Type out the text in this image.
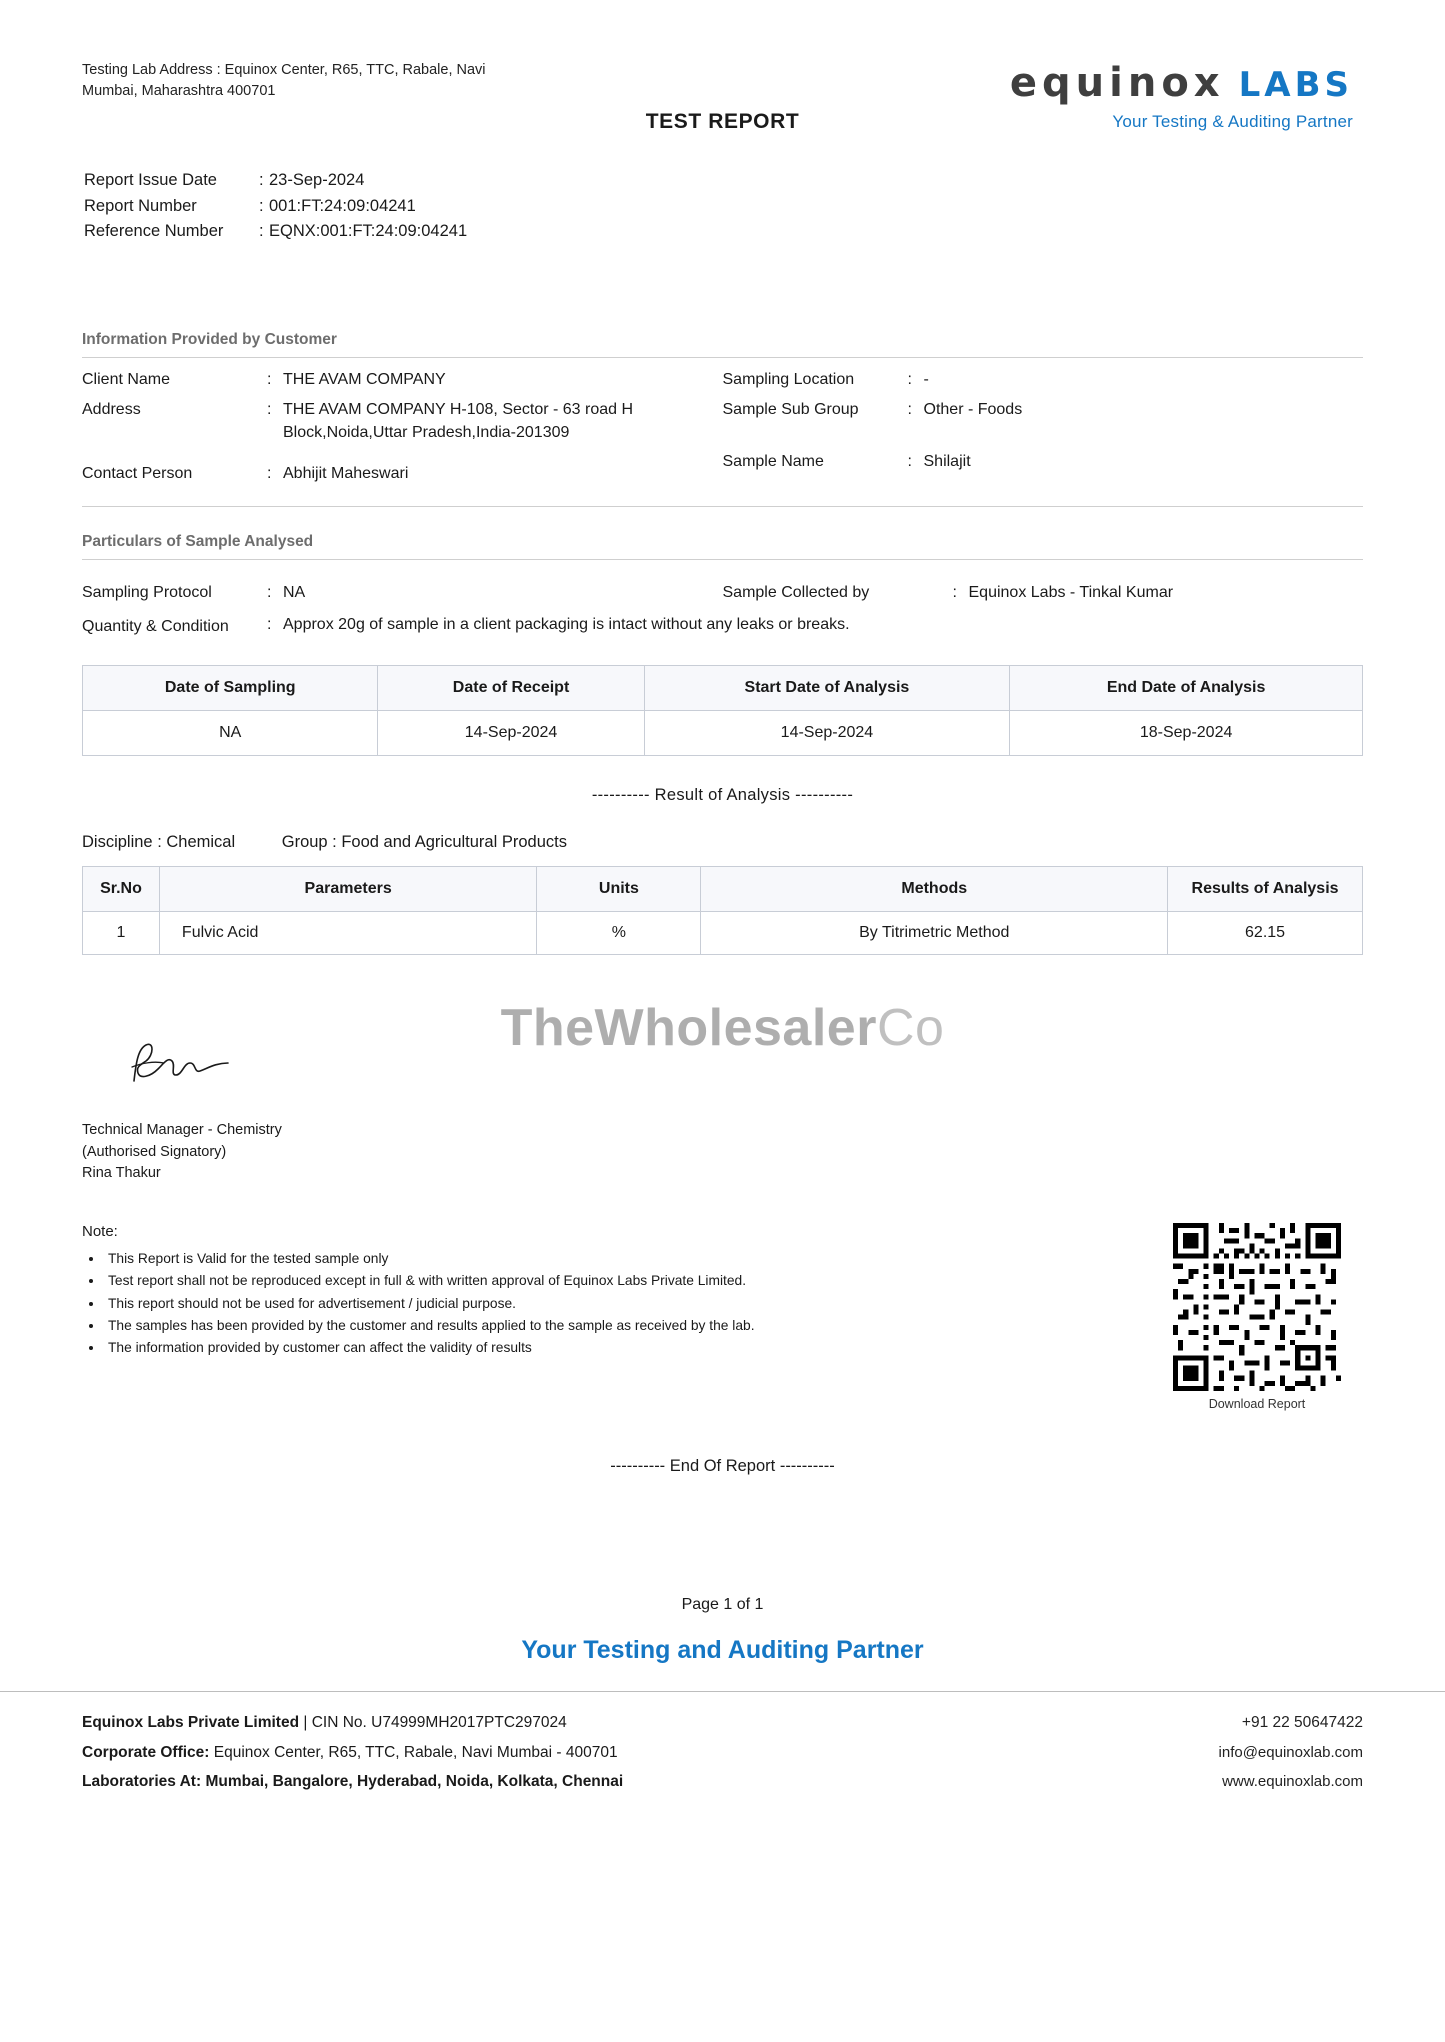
Testing Lab Address : Equinox Center, R65, TTC, Rabale, Navi Mumbai, Maharashtra 400701	equinox LABS
Your Testing & Auditing Partner
TEST REPORT
Report Issue Date	: 23-Sep-2024
Report Number	: 001:FT:24:09:04241
Reference Number	: EQNX:001:FT:24:09:04241
Information Provided by Customer
Client Name	: THE AVAM COMPANY
Address	: THE AVAM COMPANY H-108, Sector - 63 road H Block,Noida,Uttar Pradesh,India-201309
Contact Person	: Abhijit Maheswari
Sampling Location	: -
Sample Sub Group	: Other - Foods
Sample Name	: Shilajit
Particulars of Sample Analysed
Sampling Protocol	: NA	Sample Collected by	: Equinox Labs - Tinkal Kumar
Quantity & Condition	: Approx 20g of sample in a client packaging is intact without any leaks or breaks.
Date of Sampling	Date of Receipt	Start Date of Analysis	End Date of Analysis
NA	14-Sep-2024	14-Sep-2024	18-Sep-2024
---------- Result of Analysis ----------
Discipline : Chemical	Group : Food and Agricultural Products
Sr.No	Parameters	Units	Methods	Results of Analysis
1	Fulvic Acid	%	By Titrimetric Method	62.15
Technical Manager - Chemistry
(Authorised Signatory)
Rina Thakur
Note:
• This Report is Valid for the tested sample only
• Test report shall not be reproduced except in full & with written approval of Equinox Labs Private Limited.
• This report should not be used for advertisement / judicial purpose.
• The samples has been provided by the customer and results applied to the sample as received by the lab.
• The information provided by customer can affect the validity of results
Download Report
---------- End Of Report ----------
Page 1 of 1
Your Testing and Auditing Partner
TheWholesalerCo
Equinox Labs Private Limited | CIN No. U74999MH2017PTC297024	+91 22 50647422
Corporate Office: Equinox Center, R65, TTC, Rabale, Navi Mumbai - 400701	info@equinoxlab.com
Laboratories At: Mumbai, Bangalore, Hyderabad, Noida, Kolkata, Chennai	www.equinoxlab.com
